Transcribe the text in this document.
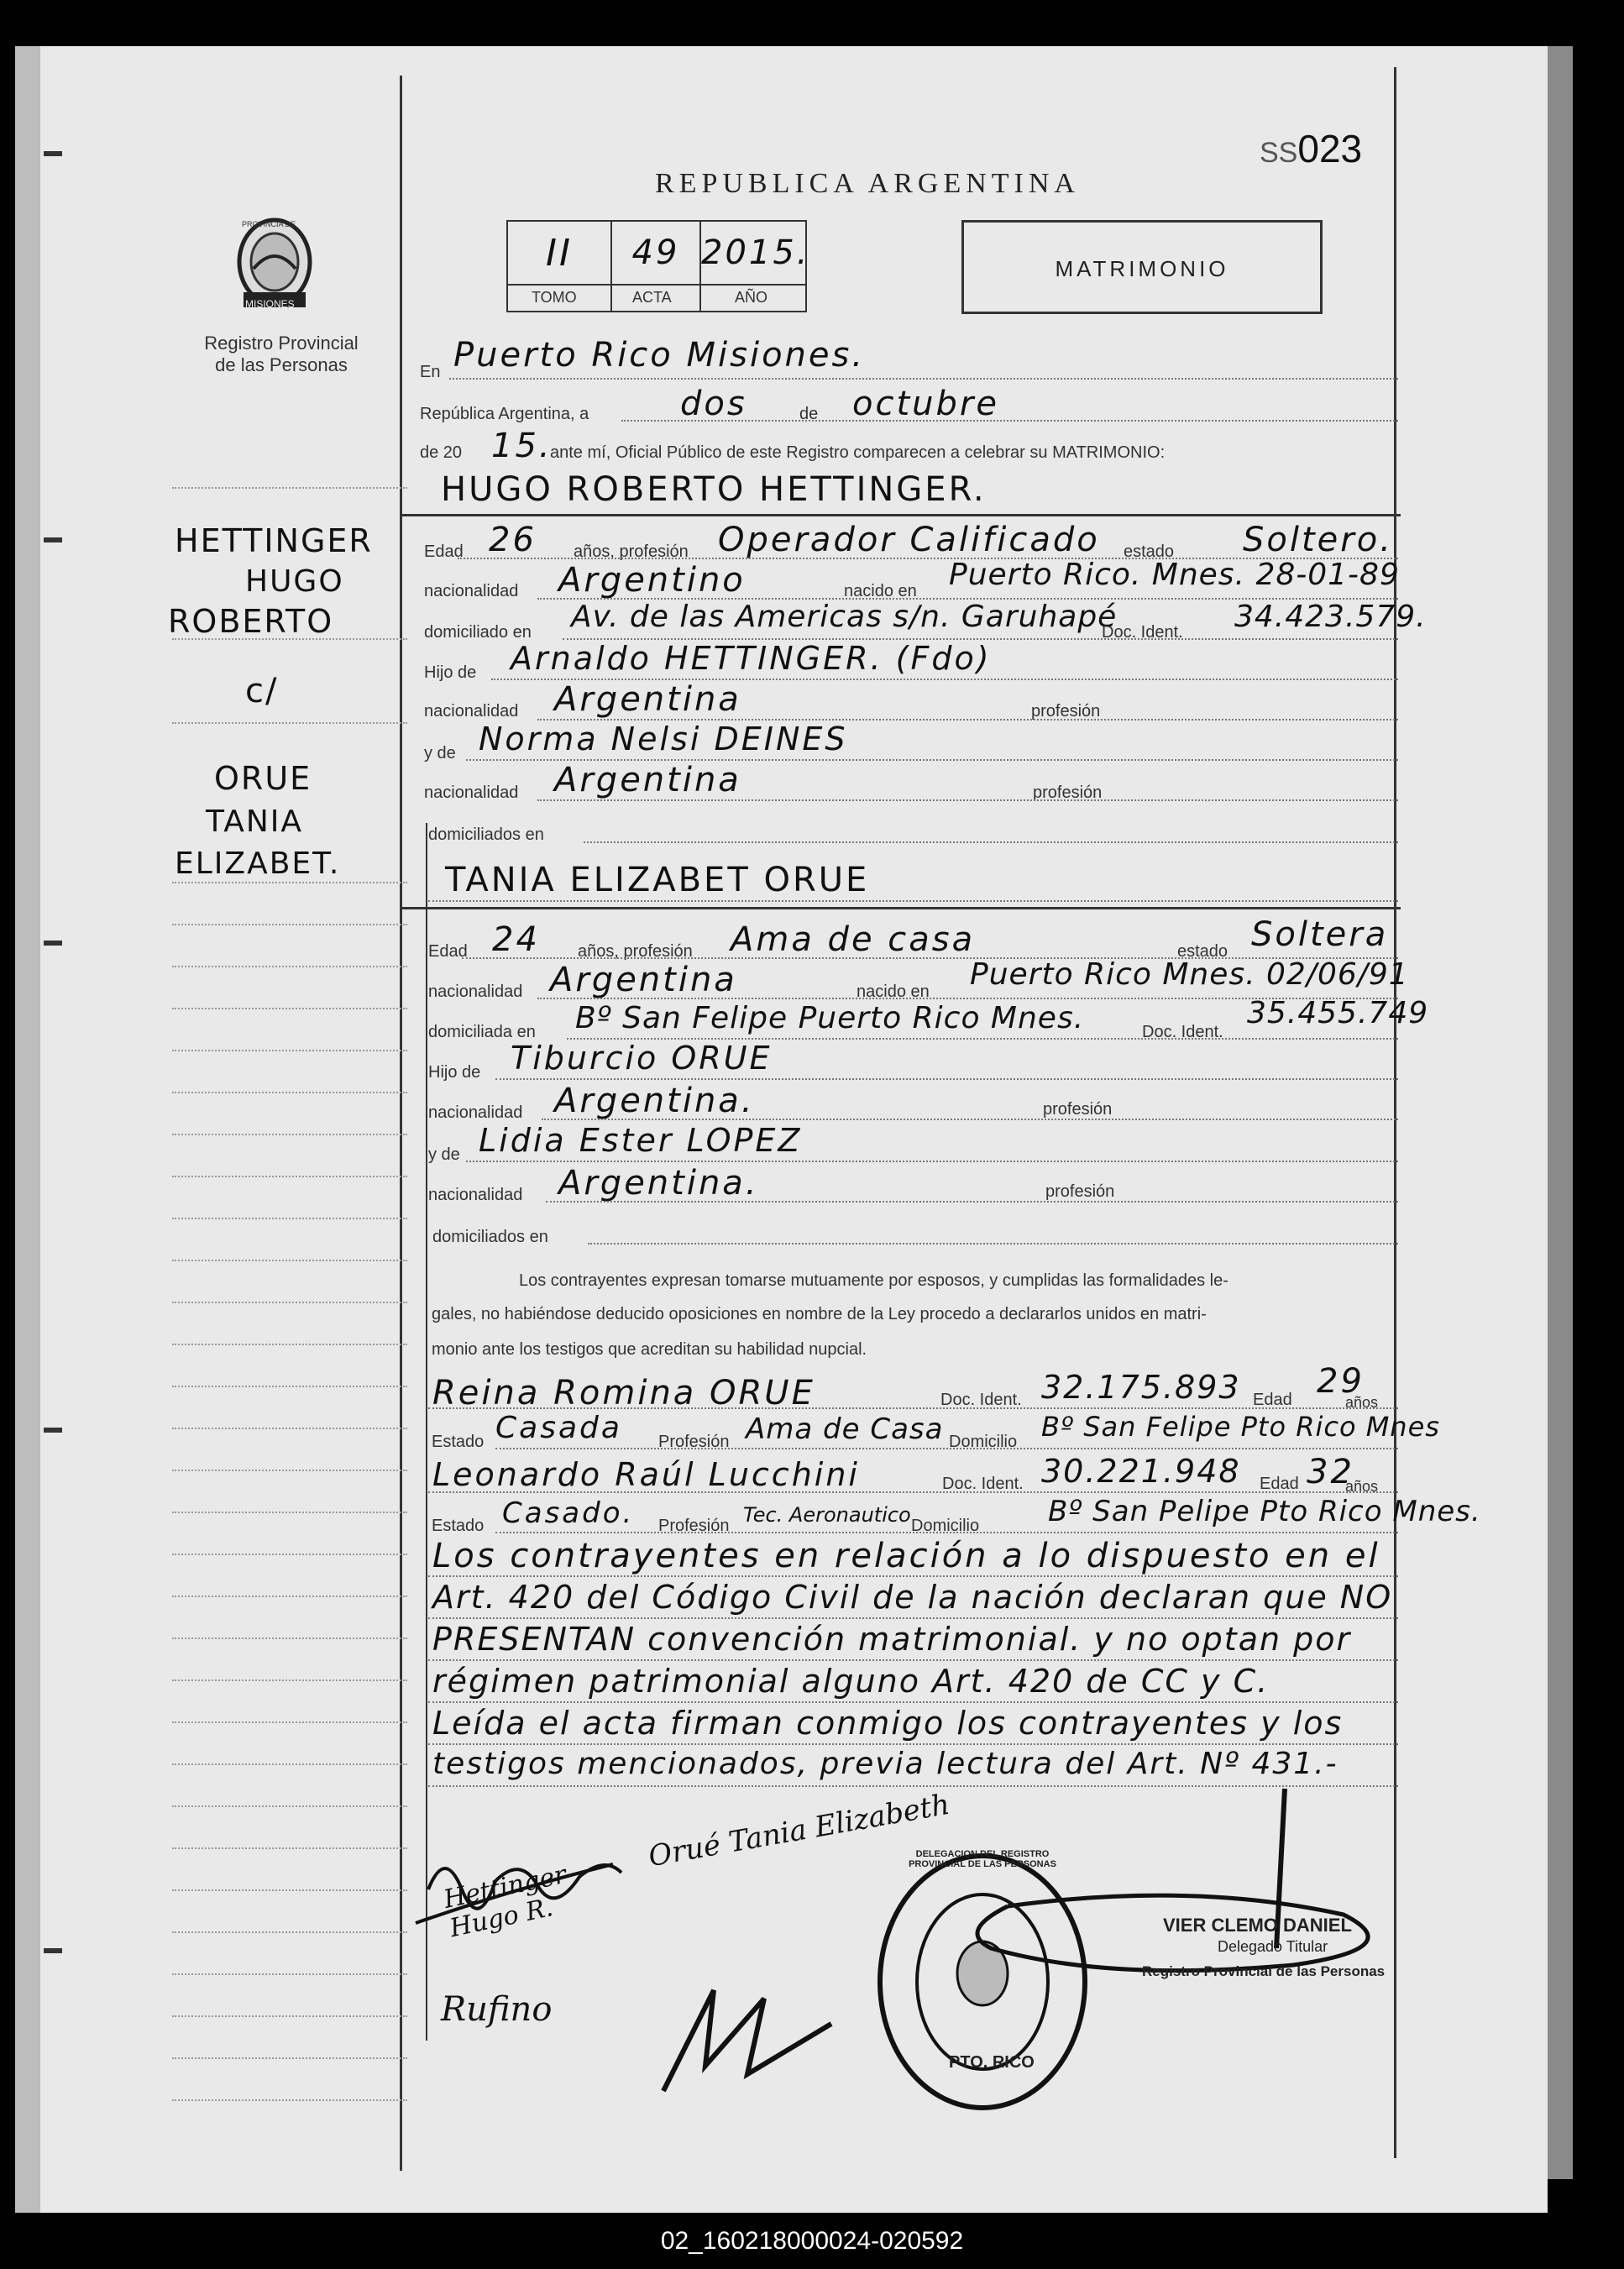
SS023
REPUBLICA ARGENTINA
PROVINCIA DE
MISIONES
Registro Provincial
de las Personas
II	49 2015.
TOMO	ACTA	AÑO
MATRIMONIO
HETTINGER
HUGO
ROBERTO
c/
ORUE
TANIA
ELIZABET.
En Puerto Rico Misiones.
República Argentina, a	dos	de octubre
de 20 15.
ante mí, Oficial Público de este Registro comparecen a celebrar su MATRIMONIO:
HUGO ROBERTO HETTINGER.
Edad 26 años, profesión Operador Calificado estado Soltero.
nacionalidad Argentino	nacido en Puerto Rico. Mnes. 28-01-89
domiciliado en Av. de las Americas s/n. Garuhapé
Doc. Ident. 34.423.579.
Hijo de Arnaldo HETTINGER. (Fdo)
nacionalidad Argentina	profesión
y de Norma Nelsi DEINES
nacionalidad Argentina	profesión
domiciliados en
TANIA ELIZABET ORUE
Edad 24 años, profesión Ama de casa	estado Soltera
nacionalidad Argentina	nacido en Puerto Rico Mnes. 02/06/91
domiciliada en Bº San Felipe Puerto Rico Mnes.	Doc. Ident.
35.455.749
Hijo de Tiburcio ORUE
nacionalidad Argentina.	profesión
y de Lidia Ester LOPEZ
nacionalidad Argentina.	profesión
domiciliados en
Los contrayentes expresan tomarse mutuamente por esposos, y cumplidas las formalidades le-
gales, no habiéndose deducido oposiciones en nombre de la Ley procedo a declararlos unidos en matri-
monio ante los testigos que acreditan su habilidad nupcial.
Reina Romina ORUE	Doc. Ident. 32.175.893 Edad 29
Estado Casada Profesión Ama de Casa Domicilio Bº San Felipe Pto Rico Mnes
Leonardo Raúl Lucchini	Doc. Ident. 30.221.948 Edad 32
Estado Casado. Profesión Tec. Aeronautico Domicilio Bº San Pelipe Pto Rico Mnes.
años
años
Los contrayentes en relación a lo dispuesto en el
Art. 420 del Código Civil de la nación declaran que NO
PRESENTAN convención matrimonial. y no optan por
régimen patrimonial alguno Art. 420 de CC y C.
Leída el acta firman conmigo los contrayentes y los
testigos mencionados, previa lectura del Art. Nº 431.-
Hettinger Hugo R.
Orué Tania Elizabeth
Rufino
PTO. RICO
DELEGACION DEL REGISTRO PROVINCIAL DE LAS PERSONAS
VIER CLEMO DANIEL
Delegado Titular
Registro Provincial de las Personas
02_160218000024-020592
